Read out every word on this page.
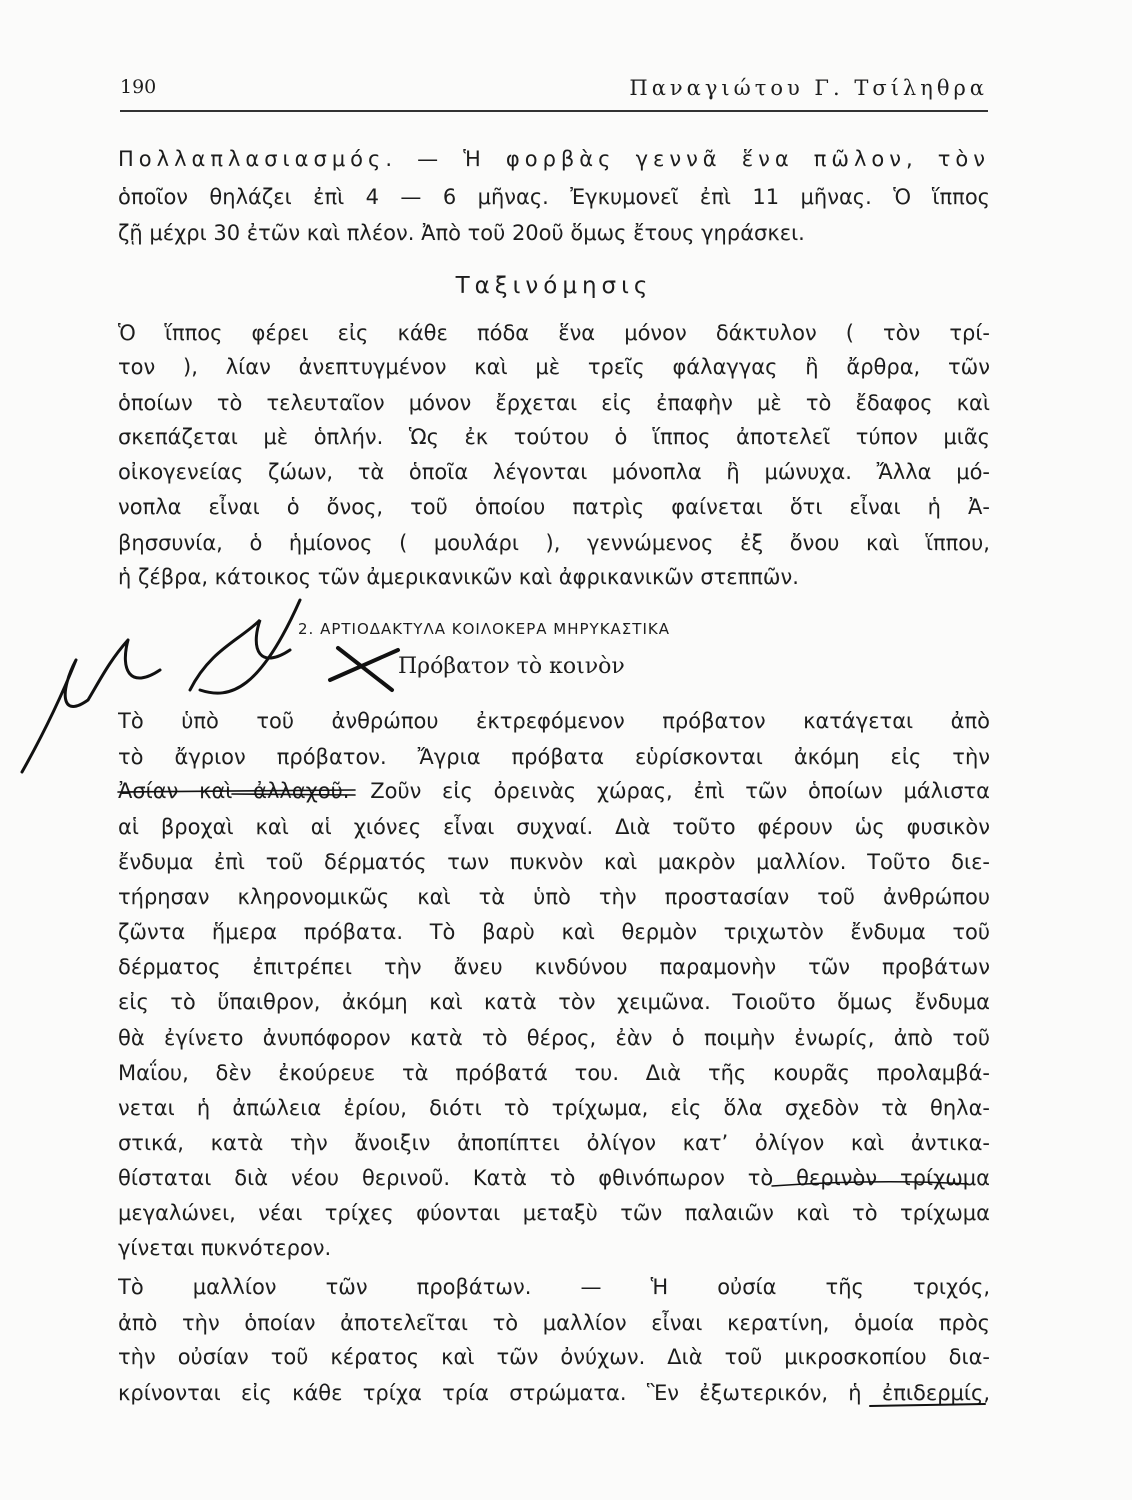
190	Παναγιώτου Γ. Τσίληθρα
Πολλαπλασιασμός. — Ἡ φορβὰς γεννᾶ ἕνα πῶλον, τὸν
ὁποῖον θηλάζει ἐπὶ 4 — 6 μῆνας. Ἐγκυμονεῖ ἐπὶ 11 μῆνας. Ὁ ἵππος
ζῇ μέχρι 30 ἐτῶν καὶ πλέον. Ἀπὸ τοῦ 20οῦ ὅμως ἔτους γηράσκει.
Ταξινόμησις
Ὁ ἵππος φέρει εἰς κάθε πόδα ἕνα μόνον δάκτυλον ( τὸν τρί-
τον ), λίαν ἀνεπτυγμένον καὶ μὲ τρεῖς φάλαγγας ἢ ἄρθρα, τῶν
ὁποίων τὸ τελευταῖον μόνον ἔρχεται εἰς ἐπαφὴν μὲ τὸ ἔδαφος καὶ
σκεπάζεται μὲ ὁπλήν. Ὡς ἐκ τούτου ὁ ἵππος ἀποτελεῖ τύπον μιᾶς
οἰκογενείας ζώων, τὰ ὁποῖα λέγονται μόνοπλα ἢ μώνυχα. Ἄλλα μό-
νοπλα εἶναι ὁ ὄνος, τοῦ ὁποίου πατρὶς φαίνεται ὅτι εἶναι ἡ Ἀ-
βησσυνία, ὁ ἡμίονος ( μουλάρι ), γεννώμενος ἐξ ὄνου καὶ ἵππου,
ἡ ζέβρα, κάτοικος τῶν ἀμερικανικῶν καὶ ἀφρικανικῶν στεππῶν.
2. ΑΡΤΙΟΔΑΚΤΥΛΑ ΚΟΙΛΟΚΕΡΑ ΜΗΡΥΚΑΣΤΙΚΑ
Πρόβατον τὸ κοινὸν
Τὸ ὑπὸ τοῦ ἀνθρώπου ἐκτρεφόμενον πρόβατον κατάγεται ἀπὸ
τὸ ἄγριον πρόβατον. Ἄγρια πρόβατα εὑρίσκονται ἀκόμη εἰς τὴν
Ἀσίαν καὶ ἀλλαχοῦ. Ζοῦν εἰς ὀρεινὰς χώρας, ἐπὶ τῶν ὁποίων μάλιστα
αἱ βροχαὶ καὶ αἱ χιόνες εἶναι συχναί. Διὰ τοῦτο φέρουν ὡς φυσικὸν
ἔνδυμα ἐπὶ τοῦ δέρματός των πυκνὸν καὶ μακρὸν μαλλίον. Τοῦτο διε-
τήρησαν κληρονομικῶς καὶ τὰ ὑπὸ τὴν προστασίαν τοῦ ἀνθρώπου
ζῶντα ἥμερα πρόβατα. Τὸ βαρὺ καὶ θερμὸν τριχωτὸν ἔνδυμα τοῦ
δέρματος ἐπιτρέπει τὴν ἄνευ κινδύνου παραμονὴν τῶν προβάτων
εἰς τὸ ὕπαιθρον, ἀκόμη καὶ κατὰ τὸν χειμῶνα. Τοιοῦτο ὅμως ἔνδυμα
θὰ ἐγίνετο ἀνυπόφορον κατὰ τὸ θέρος, ἐὰν ὁ ποιμὴν ἐνωρίς, ἀπὸ τοῦ
Μαΐου, δὲν ἐκούρευε τὰ πρόβατά του. Διὰ τῆς κουρᾶς προλαμβά-
νεται ἡ ἀπώλεια ἐρίου, διότι τὸ τρίχωμα, εἰς ὅλα σχεδὸν τὰ θηλα-
στικά, κατὰ τὴν ἄνοιξιν ἀποπίπτει ὀλίγον κατ’ ὀλίγον καὶ ἀντικα-
θίσταται διὰ νέου θερινοῦ. Κατὰ τὸ φθινόπωρον τὸ θερινὸν τρίχωμα
μεγαλώνει, νέαι τρίχες φύονται μεταξὺ τῶν παλαιῶν καὶ τὸ τρίχωμα
γίνεται πυκνότερον.
Τὸ μαλλίον τῶν προβάτων. — Ἡ οὐσία τῆς τριχός,
ἀπὸ τὴν ὁποίαν ἀποτελεῖται τὸ μαλλίον εἶναι κερατίνη, ὁμοία πρὸς
τὴν οὐσίαν τοῦ κέρατος καὶ τῶν ὀνύχων. Διὰ τοῦ μικροσκοπίου δια-
κρίνονται εἰς κάθε τρίχα τρία στρώματα. Ἓν ἐξωτερικόν, ἡ ἐπιδερμίς,
